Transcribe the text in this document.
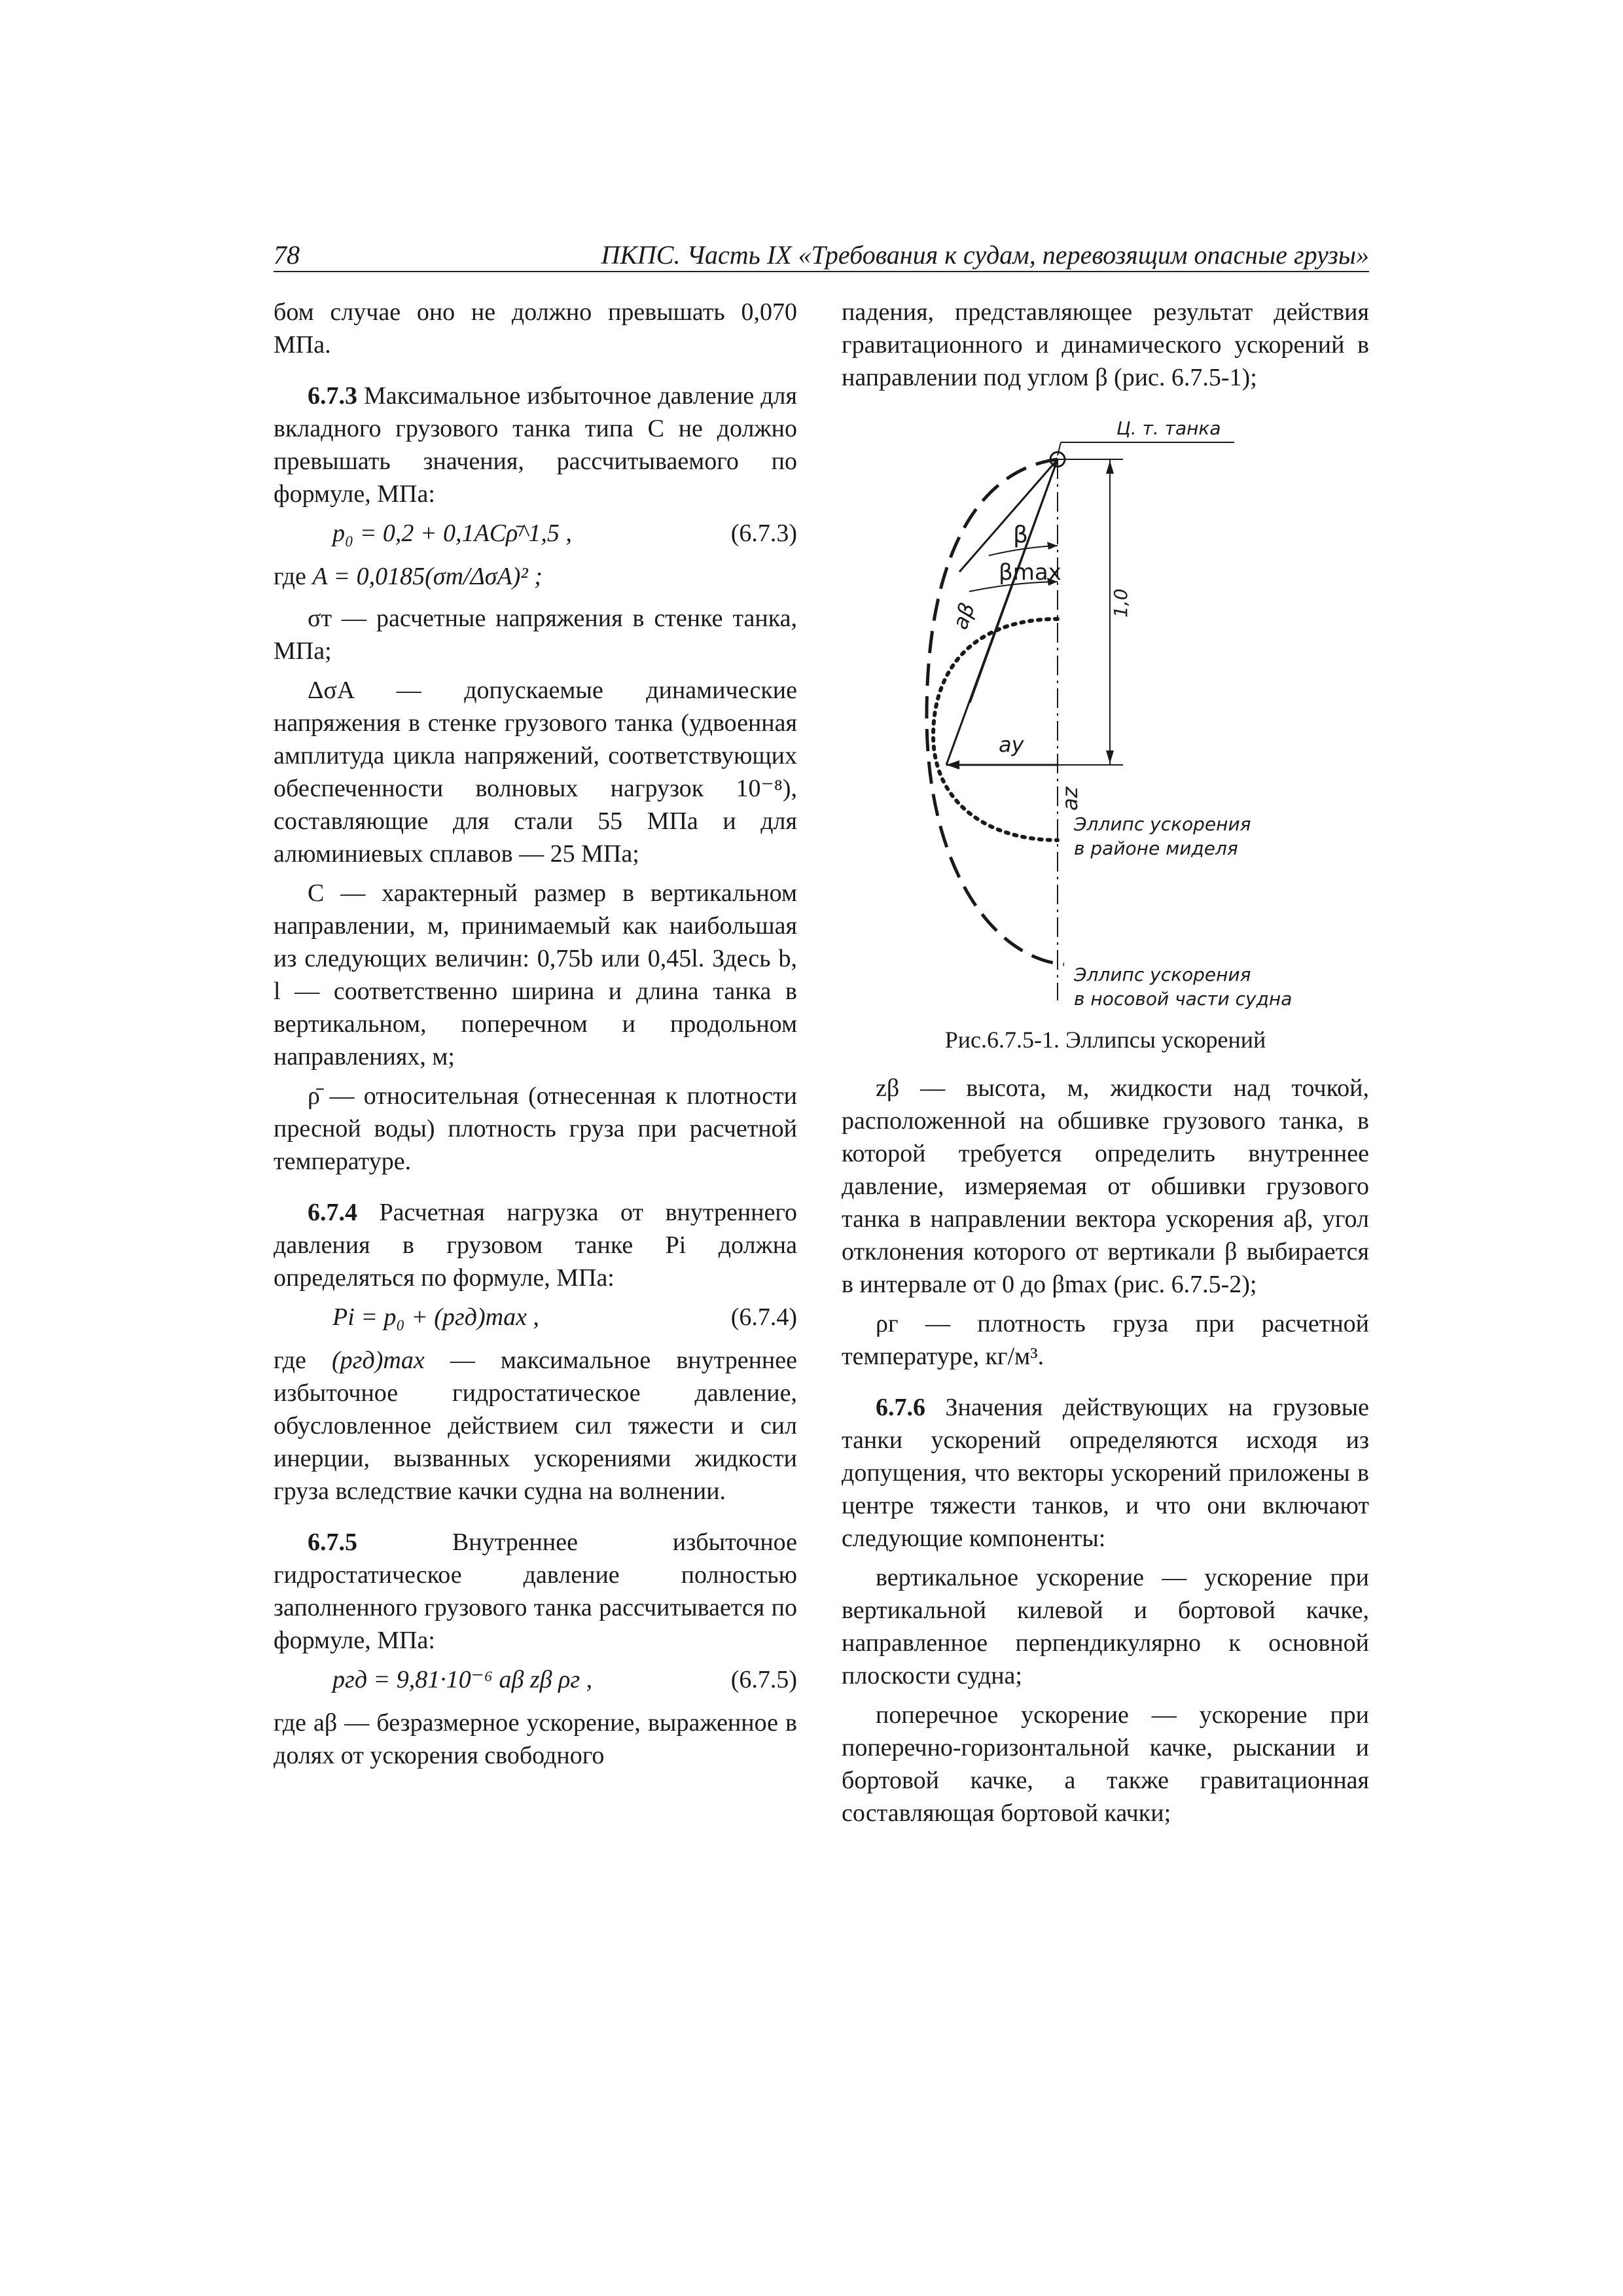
78	ПКПС. Часть IX «Требования к судам, перевозящим опасные грузы»

бом случае оно не должно превышать 0,070 МПа.

6.7.3 Максимальное избыточное давление для вкладного грузового танка типа C не должно превышать значения, рассчитываемого по формуле, МПа:

p₀ = 0,2 + 0,1ACρ̄^1,5 ,	(6.7.3)

где A = 0,0185(σm/ΔσA)² ;

σт — расчетные напряжения в стенке танка, МПа;

ΔσA — допускаемые динамические напряжения в стенке грузового танка (удвоенная амплитуда цикла напряжений, соответствующих обеспеченности волновых нагрузок 10⁻⁸), составляющие для стали 55 МПа и для алюминиевых сплавов — 25 МПа;

C — характерный размер в вертикальном направлении, м, принимаемый как наибольшая из следующих величин: 0,75b или 0,45l. Здесь b, l — соответственно ширина и длина танка в вертикальном, поперечном и продольном направлениях, м;

ρ̄ — относительная (отнесенная к плотности пресной воды) плотность груза при расчетной температуре.

6.7.4 Расчетная нагрузка от внутреннего давления в грузовом танке Pi должна определяться по формуле, МПа:

Pi = p₀ + (pгд)max ,	(6.7.4)

где (pгд)max — максимальное внутреннее избыточное гидростатическое давление, обусловленное действием сил тяжести и сил инерции, вызванных ускорениями жидкости груза вследствие качки судна на волнении.

6.7.5 Внутреннее избыточное гидростатическое давление полностью заполненного грузового танка рассчитывается по формуле, МПа:

pгд = 9,81·10⁻⁶ aβ zβ ρг ,	(6.7.5)

где aβ — безразмерное ускорение, выраженное в долях от ускорения свободного

падения, представляющее результат действия гравитационного и динамического ускорений в направлении под углом β (рис. 6.7.5-1);

Ц. т. танка
β
βmax
1,0
aβ
ay
az
Эллипс ускорения
в районе миделя
Эллипс ускорения
в носовой части судна

Рис.6.7.5-1. Эллипсы ускорений

zβ — высота, м, жидкости над точкой, расположенной на обшивке грузового танка, в которой требуется определить внутреннее давление, измеряемая от обшивки грузового танка в направлении вектора ускорения aβ, угол отклонения которого от вертикали β выбирается в интервале от 0 до βmax (рис. 6.7.5-2);

ρг — плотность груза при расчетной температуре, кг/м³.

6.7.6 Значения действующих на грузовые танки ускорений определяются исходя из допущения, что векторы ускорений приложены в центре тяжести танков, и что они включают следующие компоненты:

вертикальное ускорение — ускорение при вертикальной килевой и бортовой качке, направленное перпендикулярно к основной плоскости судна;

поперечное ускорение — ускорение при поперечно-горизонтальной качке, рыскании и бортовой качке, а также гравитационная составляющая бортовой качки;
